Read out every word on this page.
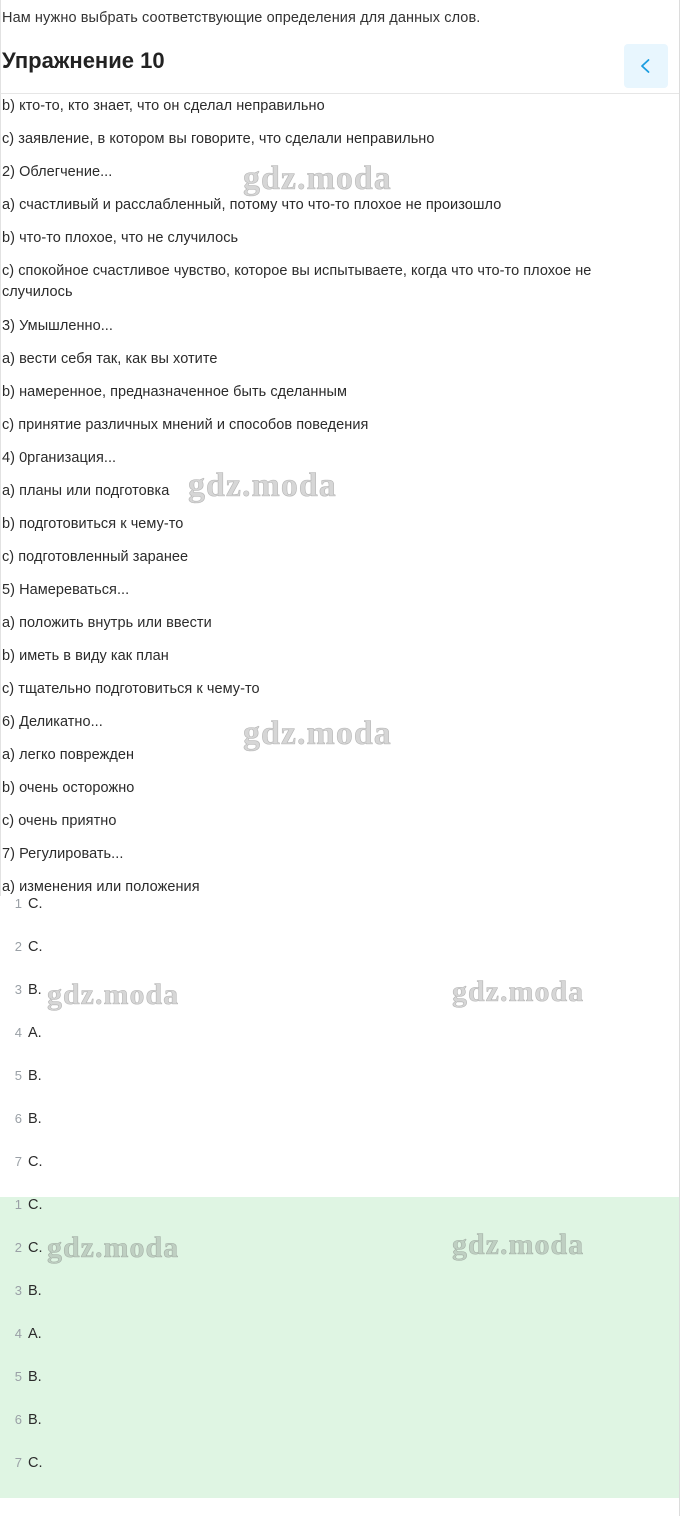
Нам нужно выбрать соответствующие определения для данных слов.
Упражнение 10
b) кто-то, кто знает, что он сделал неправильно
c) заявление, в котором вы говорите, что сделали неправильно
2) Облегчение...
a) счастливый и расслабленный, потому что что-то плохое не произошло
b) что-то плохое, что не случилось
c) спокойное счастливое чувство, которое вы испытываете, когда что что-то плохое не случилось
3) Умышленно...
a) вести себя так, как вы хотите
b) намеренное, предназначенное быть сделанным
c) принятие различных мнений и способов поведения
4) 0рганизация...
a) планы или подготовка
b) подготовиться к чему-то
c) подготовленный заранее
5) Намереваться...
a) положить внутрь или ввести
b) иметь в виду как план
c) тщательно подготовиться к чему-то
6) Деликатно...
a) легко поврежден
b) очень осторожно
c) очень приятно
7) Регулировать...
a) изменения или положения
1 C.
2 C.
3 B.
4 A.
5 B.
6 B.
7 C.
1 C.
2 C.
3 B.
4 A.
5 B.
6 B.
7 C.
gdz.moda
gdz.moda
gdz.moda
gdz.moda	gdz.moda
gdz.moda	gdz.moda
